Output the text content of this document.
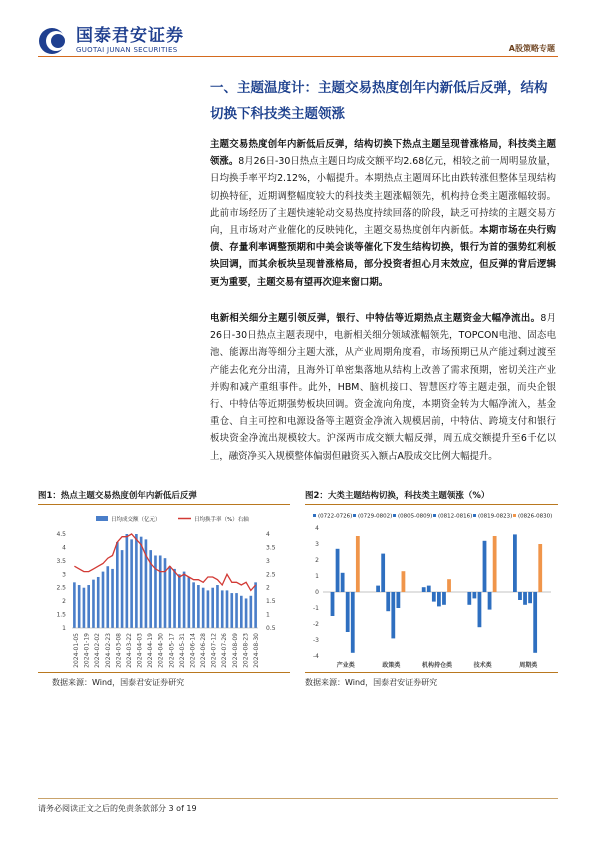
国泰君安证券
GUOTAI JUNAN SECURITIES	A股策略专题
一、主题温度计：主题交易热度创年内新低后反弹，结构切换下科技类主题领涨
主题交易热度创年内新低后反弹，结构切换下热点主题呈现普涨格局，科技类主题领涨。8月26日-30日热点主题日均成交额平均2.68亿元，相较之前一周明显放量，日均换手率平均2.12%，小幅提升。本期热点主题周环比由跌转涨但整体呈现结构切换特征，近期调整幅度较大的科技类主题涨幅领先，机构持仓类主题涨幅较弱。此前市场经历了主题快速轮动交易热度持续回落的阶段，缺乏可持续的主题交易方向，且市场对产业催化的反映钝化，主题交易热度创年内新低。本期市场在央行购债、存量利率调整预期和中美会谈等催化下发生结构切换，银行为首的强势红利板块回调，而其余板块呈现普涨格局，部分投资者担心月末效应，但反弹的背后逻辑更为重要，主题交易有望再次迎来窗口期。
电新相关细分主题引领反弹，银行、中特估等近期热点主题资金大幅净流出。8月26日-30日热点主题表现中，电新相关细分领域涨幅领先，TOPCON电池、固态电池、能源出海等细分主题大涨，从产业周期角度看，市场预期已从产能过剩过渡至产能去化充分出清，且海外订单密集落地从结构上改善了需求预期，密切关注产业并购和减产重组事件。此外，HBM、脑机接口、智慧医疗等主题走强，而央企银行、中特估等近期强势板块回调。资金流向角度，本期资金转为大幅净流入，基金重仓、自主可控和电源设备等主题资金净流入规模居前，中特估、跨境支付和银行板块资金净流出规模较大。沪深两市成交额大幅反弹，周五成交额提升至6千亿以上，融资净买入规模整体偏弱但融资买入额占A股成交比例大幅提升。
图1：热点主题交易热度创年内新低后反弹
日均成交额（亿元）	日均换手率（%）右轴
1
1.5
2
2.5
3
3.5
4
4.5
0.5
1
1.5
2
2.5
3
3.5
4
2024-01-05 2024-01-19 2024-02-02 2024-02-23 2024-03-08 2024-03-22 2024-04-03 2024-04-19 2024-04-30 2024-05-17 2024-05-31 2024-06-14 2024-06-28 2024-07-12 2024-07-26 2024-08-09 2024-08-23 2024-08-30
数据来源：Wind，国泰君安证券研究
图2：大类主题结构切换，科技类主题领涨（%）
(0722-0726) (0729-0802) (0805-0809) (0812-0816) (0819-0823) (0826-0830)
4
3
2
1
0
-1
-2
-3
-4
产业类	政策类	机构持仓类	技术类	周期类
数据来源：Wind，国泰君安证券研究
请务必阅读正文之后的免责条款部分 3 of 19
